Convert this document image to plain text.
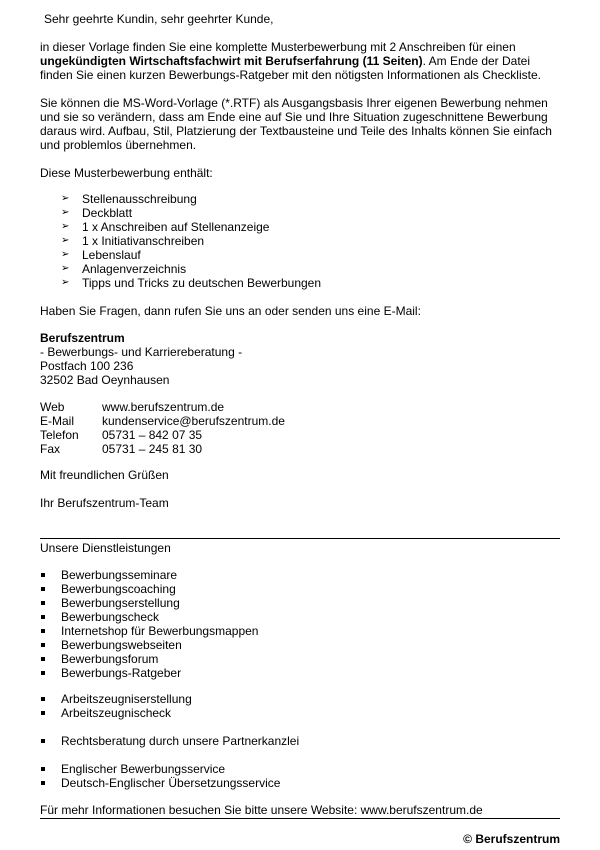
Sehr geehrte Kundin, sehr geehrter Kunde,

in dieser Vorlage finden Sie eine komplette Musterbewerbung mit 2 Anschreiben für einen ungekündigten Wirtschaftsfachwirt mit Berufserfahrung (11 Seiten). Am Ende der Datei finden Sie einen kurzen Bewerbungs-Ratgeber mit den nötigsten Informationen als Checkliste.

Sie können die MS-Word-Vorlage (*.RTF) als Ausgangsbasis Ihrer eigenen Bewerbung nehmen und sie so verändern, dass am Ende eine auf Sie und Ihre Situation zugeschnittene Bewerbung daraus wird. Aufbau, Stil, Platzierung der Textbausteine und Teile des Inhalts können Sie einfach und problemlos übernehmen.

Diese Musterbewerbung enthält:

➢ Stellenausschreibung
➢ Deckblatt
➢ 1 x Anschreiben auf Stellenanzeige
➢ 1 x Initiativanschreiben
➢ Lebenslauf
➢ Anlagenverzeichnis
➢ Tipps und Tricks zu deutschen Bewerbungen

Haben Sie Fragen, dann rufen Sie uns an oder senden uns eine E-Mail:

Berufszentrum
- Bewerbungs- und Karriereberatung -
Postfach 100 236
32502 Bad Oeynhausen
Web	www.berufszentrum.de
E-Mail	kundenservice@berufszentrum.de
Telefon	05731 – 842 07 35
Fax	05731 – 245 81 30

Mit freundlichen Grüßen

Ihr Berufszentrum-Team

Unsere Dienstleistungen

Bewerbungsseminare
Bewerbungscoaching
Bewerbungserstellung
Bewerbungscheck
Internetshop für Bewerbungsmappen
Bewerbungswebseiten
Bewerbungsforum
Bewerbungs-Ratgeber
Arbeitszeugniserstellung
Arbeitszeugnischeck
Rechtsberatung durch unsere Partnerkanzlei
Englischer Bewerbungsservice
Deutsch-Englischer Übersetzungsservice

Für mehr Informationen besuchen Sie bitte unsere Website: www.berufszentrum.de

© Berufszentrum
